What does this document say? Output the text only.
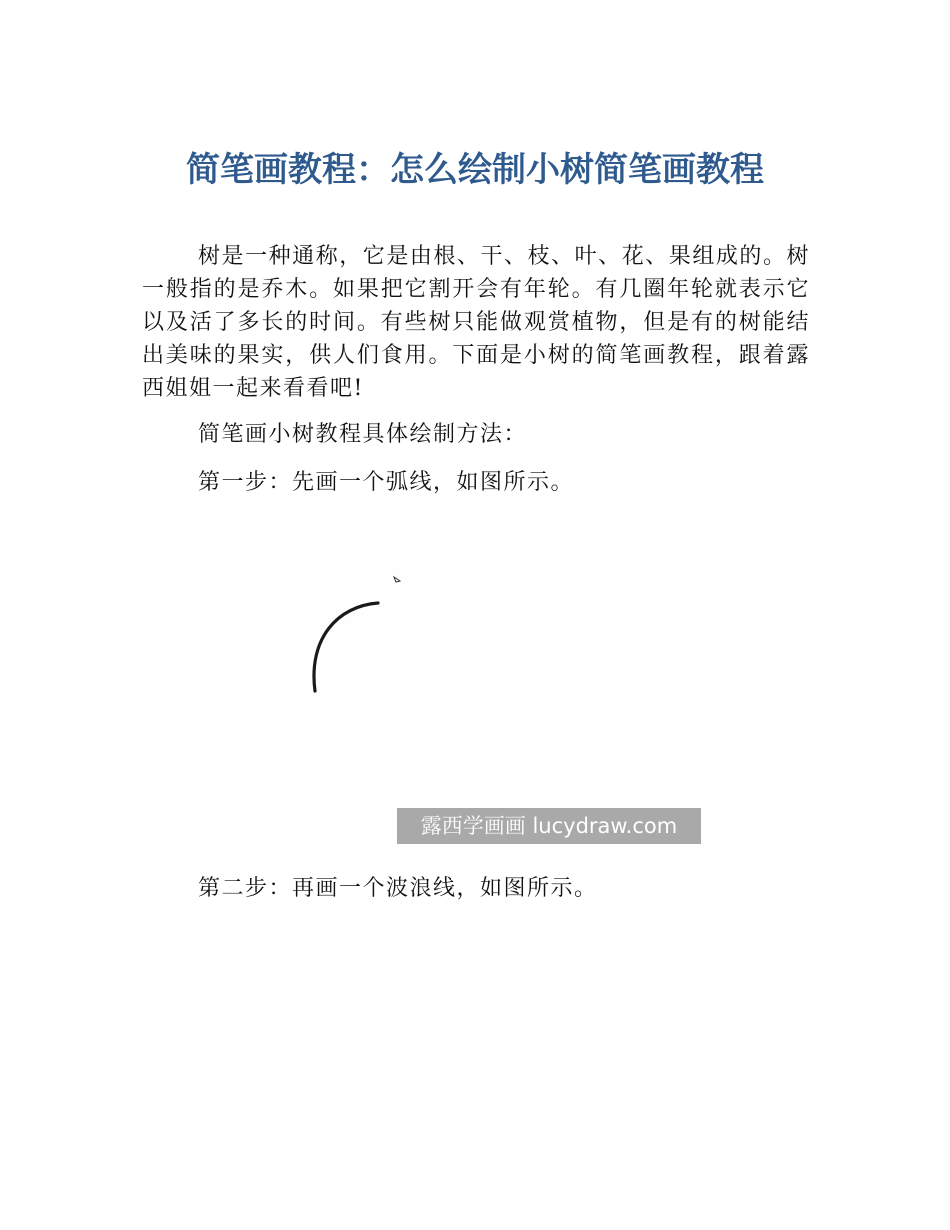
简笔画教程：怎么绘制小树简笔画教程

树是一种通称，它是由根、干、枝、叶、花、果组成的。树一般指的是乔木。如果把它割开会有年轮。有几圈年轮就表示它以及活了多长的时间。有些树只能做观赏植物，但是有的树能结出美味的果实，供人们食用。下面是小树的简笔画教程，跟着露西姐姐一起来看看吧!

简笔画小树教程具体绘制方法：

第一步：先画一个弧线，如图所示。

露西学画画 lucydraw.com

第二步：再画一个波浪线，如图所示。
